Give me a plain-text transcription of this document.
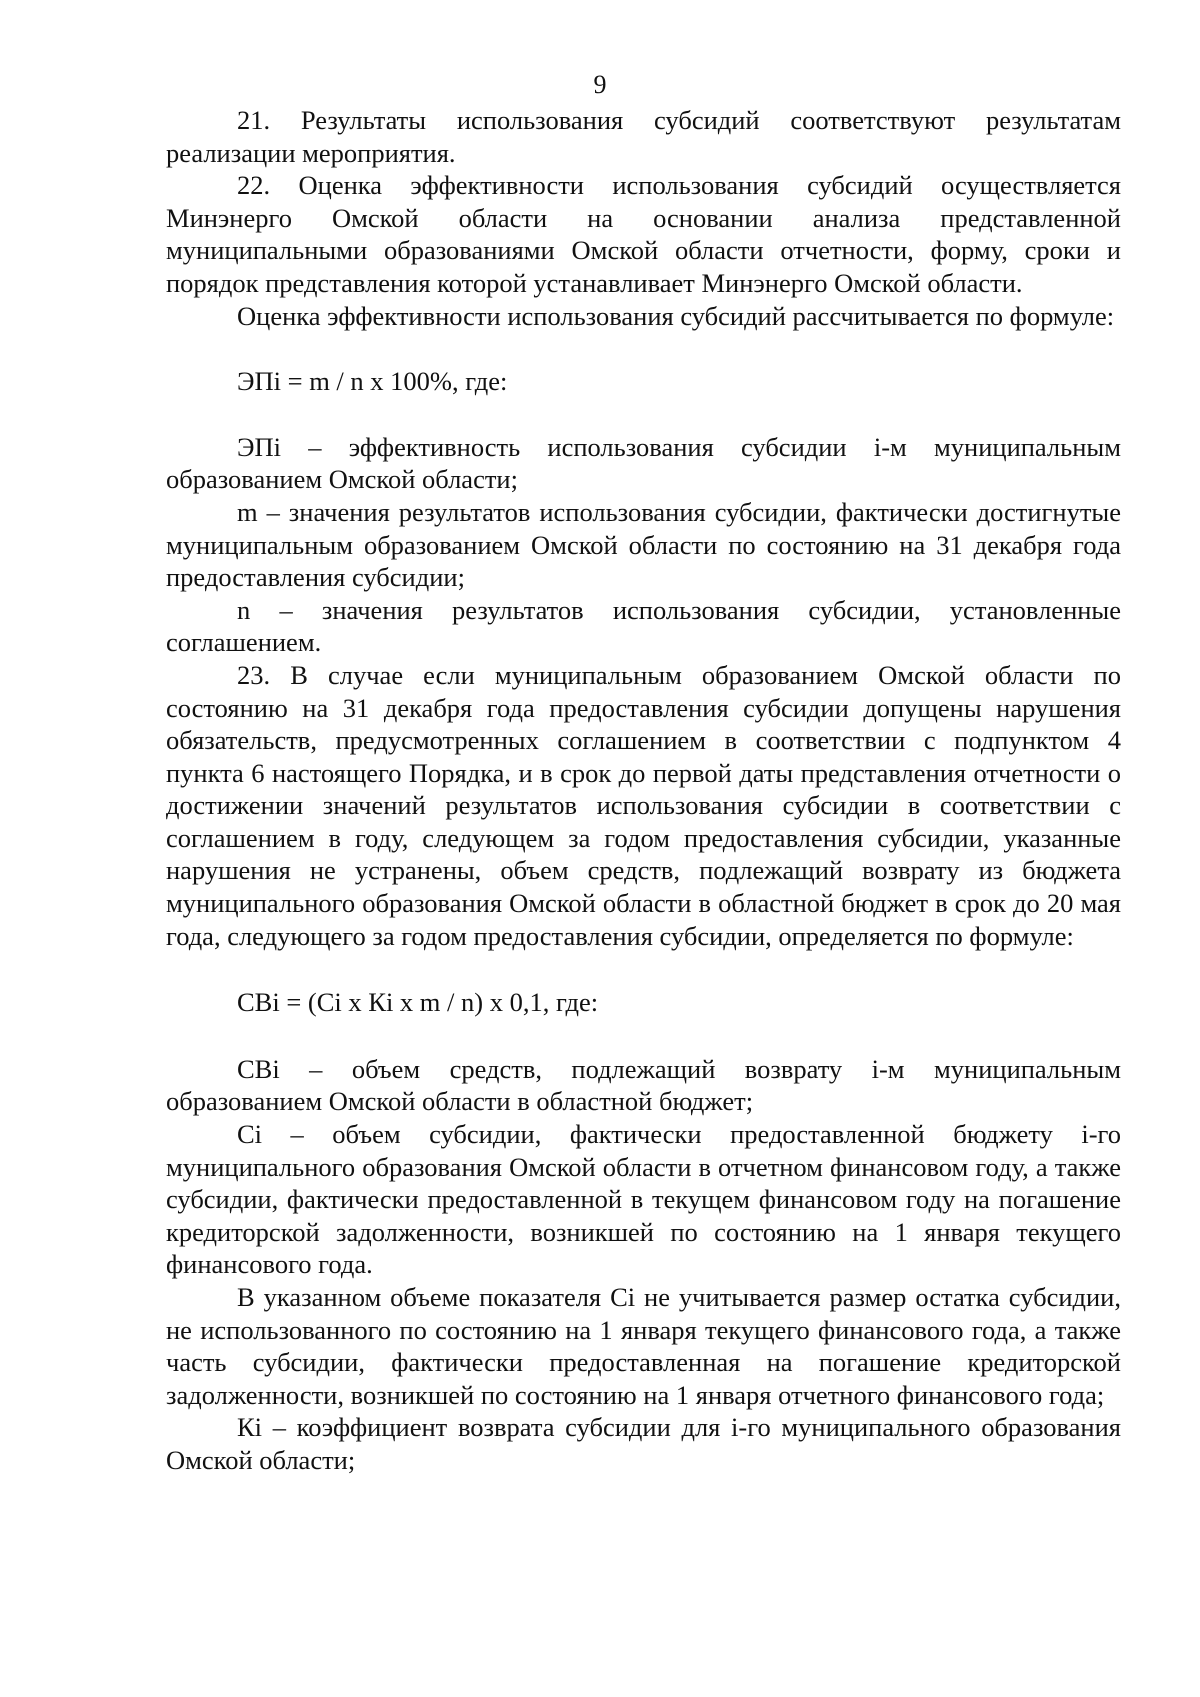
9

21. Результаты использования субсидий соответствуют результатам реализации мероприятия.

22. Оценка эффективности использования субсидий осуществляется Минэнерго Омской области на основании анализа представленной муниципальными образованиями Омской области отчетности, форму, сроки и порядок представления которой устанавливает Минэнерго Омской области.

Оценка эффективности использования субсидий рассчитывается по формуле:

ЭПi = m / n x 100%, где:

ЭПi – эффективность использования субсидии i-м муниципальным образованием Омской области;

m – значения результатов использования субсидии, фактически достигнутые муниципальным образованием Омской области по состоянию на 31 декабря года предоставления субсидии;

n – значения результатов использования субсидии, установленные соглашением.

23. В случае если муниципальным образованием Омской области по состоянию на 31 декабря года предоставления субсидии допущены нарушения обязательств, предусмотренных соглашением в соответствии с подпунктом 4 пункта 6 настоящего Порядка, и в срок до первой даты представления отчетности о достижении значений результатов использования субсидии в соответствии с соглашением в году, следующем за годом предоставления субсидии, указанные нарушения не устранены, объем средств, подлежащий возврату из бюджета муниципального образования Омской области в областной бюджет в срок до 20 мая года, следующего за годом предоставления субсидии, определяется по формуле:

СВi = (Сi x Кi x m / n) x 0,1, где:

СВi – объем средств, подлежащий возврату i-м муниципальным образованием Омской области в областной бюджет;

Сi – объем субсидии, фактически предоставленной бюджету i-го муниципального образования Омской области в отчетном финансовом году, а также субсидии, фактически предоставленной в текущем финансовом году на погашение кредиторской задолженности, возникшей по состоянию на 1 января текущего финансового года.

В указанном объеме показателя Сi не учитывается размер остатка субсидии, не использованного по состоянию на 1 января текущего финансового года, а также часть субсидии, фактически предоставленная на погашение кредиторской задолженности, возникшей по состоянию на 1 января отчетного финансового года;

Кi – коэффициент возврата субсидии для i-го муниципального образования Омской области;
